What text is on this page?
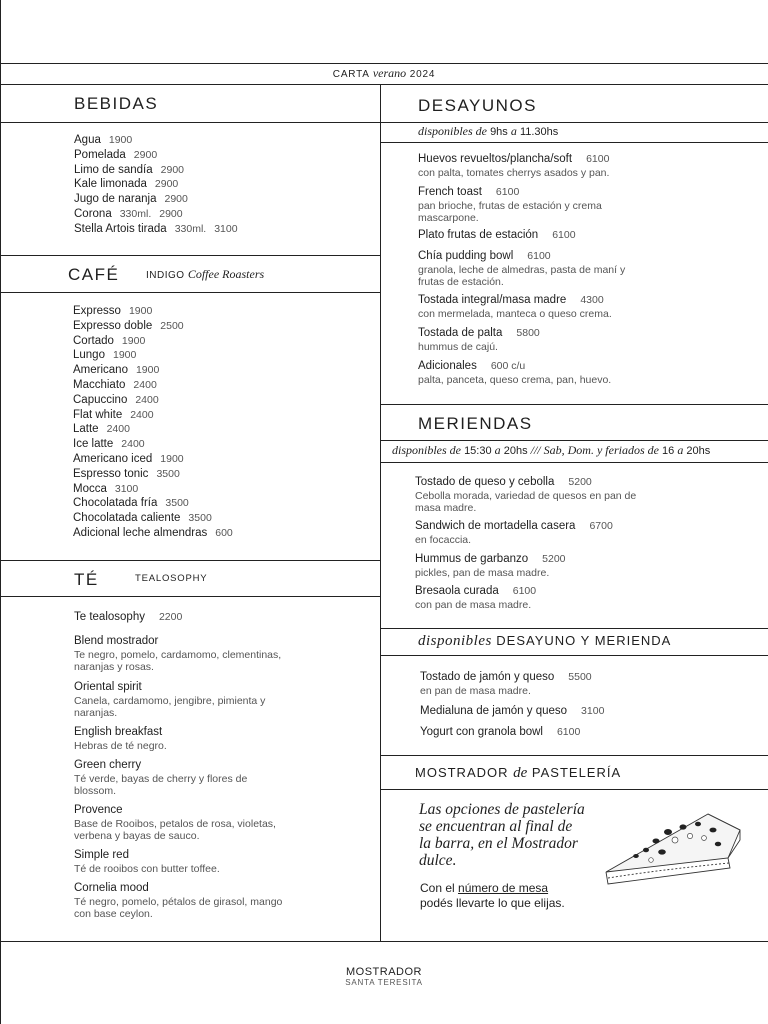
CARTA verano 2024
BEBIDAS
Agua 1900
Pomelada 2900
Limo de sandía 2900
Kale limonada 2900
Jugo de naranja 2900
Corona 330ml. 2900
Stella Artois tirada 330ml. 3100
CAFÉ	INDIGO Coffee Roasters
Expresso 1900
Expresso doble 2500
Cortado 1900
Lungo 1900
Americano 1900
Macchiato 2400
Capuccino 2400
Flat white 2400
Latte 2400
Ice latte 2400
Americano iced 1900
Espresso tonic 3500
Mocca 3100
Chocolatada fría 3500
Chocolatada caliente 3500
Adicional leche almendras 600
TÉ	TEALOSOPHY
Te tealosophy 2200
Blend mostrador
Te negro, pomelo, cardamomo, clementinas, naranjas y rosas.
Oriental spirit
Canela, cardamomo, jengibre, pimienta y naranjas.
English breakfast
Hebras de té negro.
Green cherry
Té verde, bayas de cherry y flores de blossom.
Provence
Base de Rooibos, petalos de rosa, violetas, verbena y bayas de sauco.
Simple red
Té de rooibos con butter toffee.
Cornelia mood
Té negro, pomelo, pétalos de girasol, mango con base ceylon.
DESAYUNOS
disponibles de 9hs a 11.30hs
Huevos revueltos/plancha/soft 6100
con palta, tomates cherrys asados y pan.
French toast 6100
pan brioche, frutas de estación y crema mascarpone.
Plato frutas de estación 6100
Chía pudding bowl 6100
granola, leche de almedras, pasta de maní y frutas de estación.
Tostada integral/masa madre 4300
con mermelada, manteca o queso crema.
Tostada de palta 5800
hummus de cajú.
Adicionales 600 c/u
palta, panceta, queso crema, pan, huevo.
MERIENDAS
disponibles de 15:30 a 20hs /// Sab, Dom. y feriados de 16 a 20hs
Tostado de queso y cebolla 5200
Cebolla morada, variedad de quesos en pan de masa madre.
Sandwich de mortadella casera 6700
en focaccia.
Hummus de garbanzo 5200
pickles, pan de masa madre.
Bresaola curada 6100
con pan de masa madre.
disponibles DESAYUNO Y MERIENDA
Tostado de jamón y queso 5500
en pan de masa madre.
Medialuna de jamón y queso 3100
Yogurt con granola bowl 6100
MOSTRADOR de PASTELERÍA
Las opciones de pastelería
se encuentran al final de
la barra, en el Mostrador
dulce.
Con el número de mesa
podés llevarte lo que elijas.
MOSTRADOR
SANTA TERESITA
